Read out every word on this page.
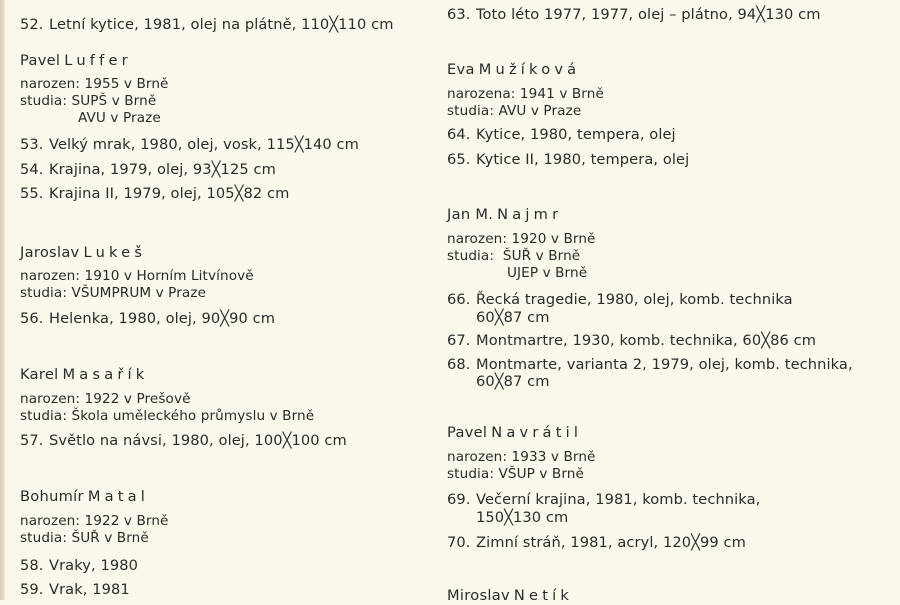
52. Letní kytice, 1981, olej na plátně, 110╳110 cm
Pavel Luffer
narozen: 1955 v Brně
studia: SUPŠ v Brně
AVU v Praze
53. Velký mrak, 1980, olej, vosk, 115╳140 cm
54. Krajina, 1979, olej, 93╳125 cm
55. Krajina II, 1979, olej, 105╳82 cm
Jaroslav Lukeš
narozen: 1910 v Horním Litvínově
studia: VŠUMPRUM v Praze
56. Helenka, 1980, olej, 90╳90 cm
Karel Masařík
narozen: 1922 v Prešově
studia: Škola uměleckého průmyslu v Brně
57. Světlo na návsi, 1980, olej, 100╳100 cm
Bohumír Matal
narozen: 1922 v Brně
studia: ŠUŘ v Brně
58. Vraky, 1980
59. Vrak, 1981
63. Toto léto 1977, 1977, olej – plátno, 94╳130 cm
Eva Mužíková
narozena: 1941 v Brně
studia: AVU v Praze
64. Kytice, 1980, tempera, olej
65. Kytice II, 1980, tempera, olej
Jan M. Najmr
narozen: 1920 v Brně
studia: ŠUŘ v Brně
UJEP v Brně
66. Řecká tragedie, 1980, olej, komb. technika
60╳87 cm
67. Montmartre, 1930, komb. technika, 60╳86 cm
68. Montmarte, varianta 2, 1979, olej, komb. technika,
60╳87 cm
Pavel Navrátil
narozen: 1933 v Brně
studia: VŠUP v Brně
69. Večerní krajina, 1981, komb. technika,
150╳130 cm
70. Zimní stráň, 1981, acryl, 120╳99 cm
Miroslav Netík
